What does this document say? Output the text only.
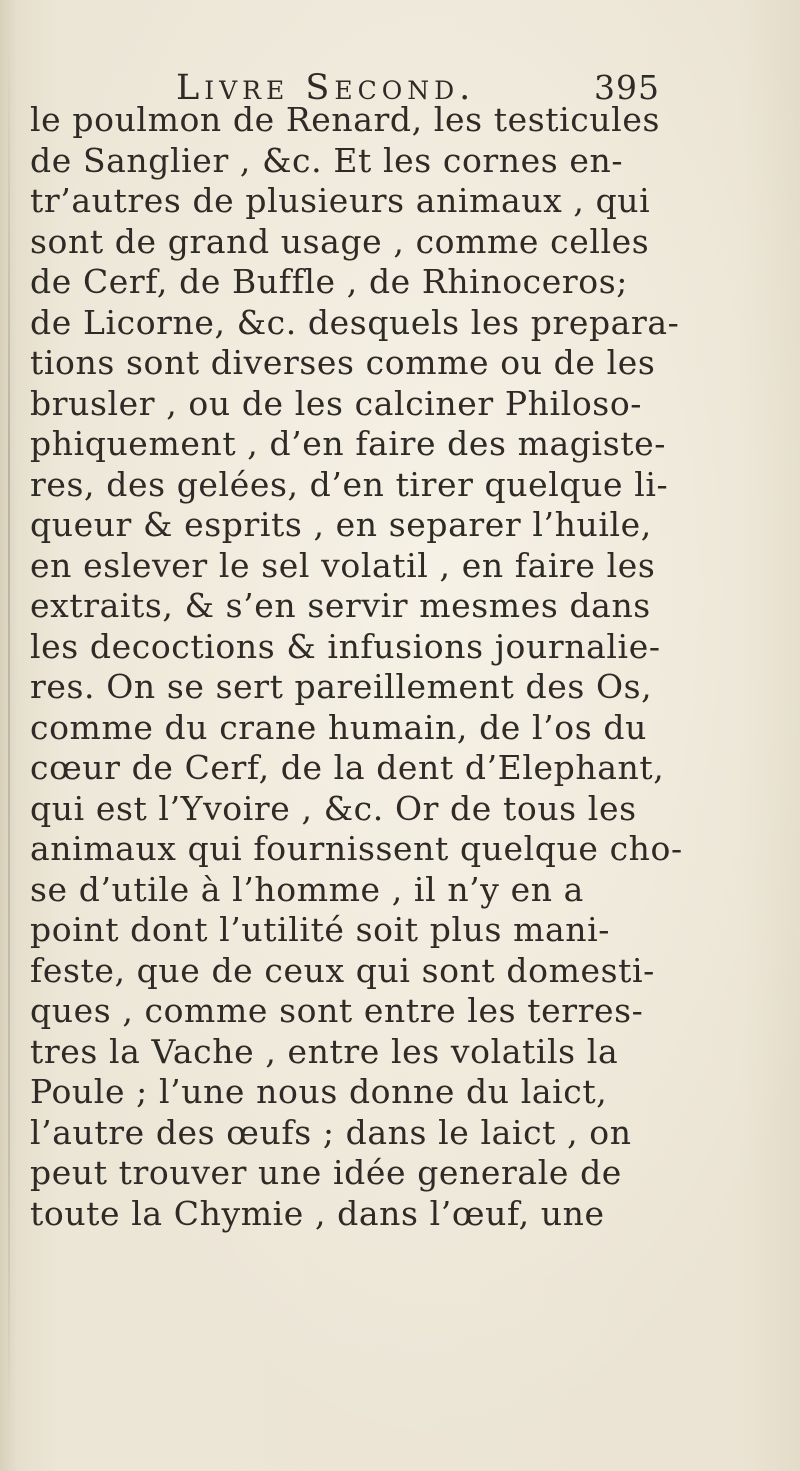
Livre Second.	395
le poulmon de Renard, les testicules
de Sanglier , &c. Et les cornes en-
tr’autres de plusieurs animaux , qui
sont de grand usage , comme celles
de Cerf, de Buffle , de Rhinoceros;
de Licorne, &c. desquels les prepara-
tions sont diverses comme ou de les
brusler , ou de les calciner Philoso-
phiquement , d’en faire des magiste-
res, des gelées, d’en tirer quelque li-
queur & esprits , en separer l’huile,
en eslever le sel volatil , en faire les
extraits, & s’en servir mesmes dans
les decoctions & infusions journalie-
res. On se sert pareillement des Os,
comme du crane humain, de l’os du
cœur de Cerf, de la dent d’Elephant,
qui est l’Yvoire , &c. Or de tous les
animaux qui fournissent quelque cho-
se d’utile à l’homme , il n’y en a
point dont l’utilité soit plus mani-
feste, que de ceux qui sont domesti-
ques , comme sont entre les terres-
tres la Vache , entre les volatils la
Poule ; l’une nous donne du laict,
l’autre des œufs ; dans le laict , on
peut trouver une idée generale de
toute la Chymie , dans l’œuf, une
